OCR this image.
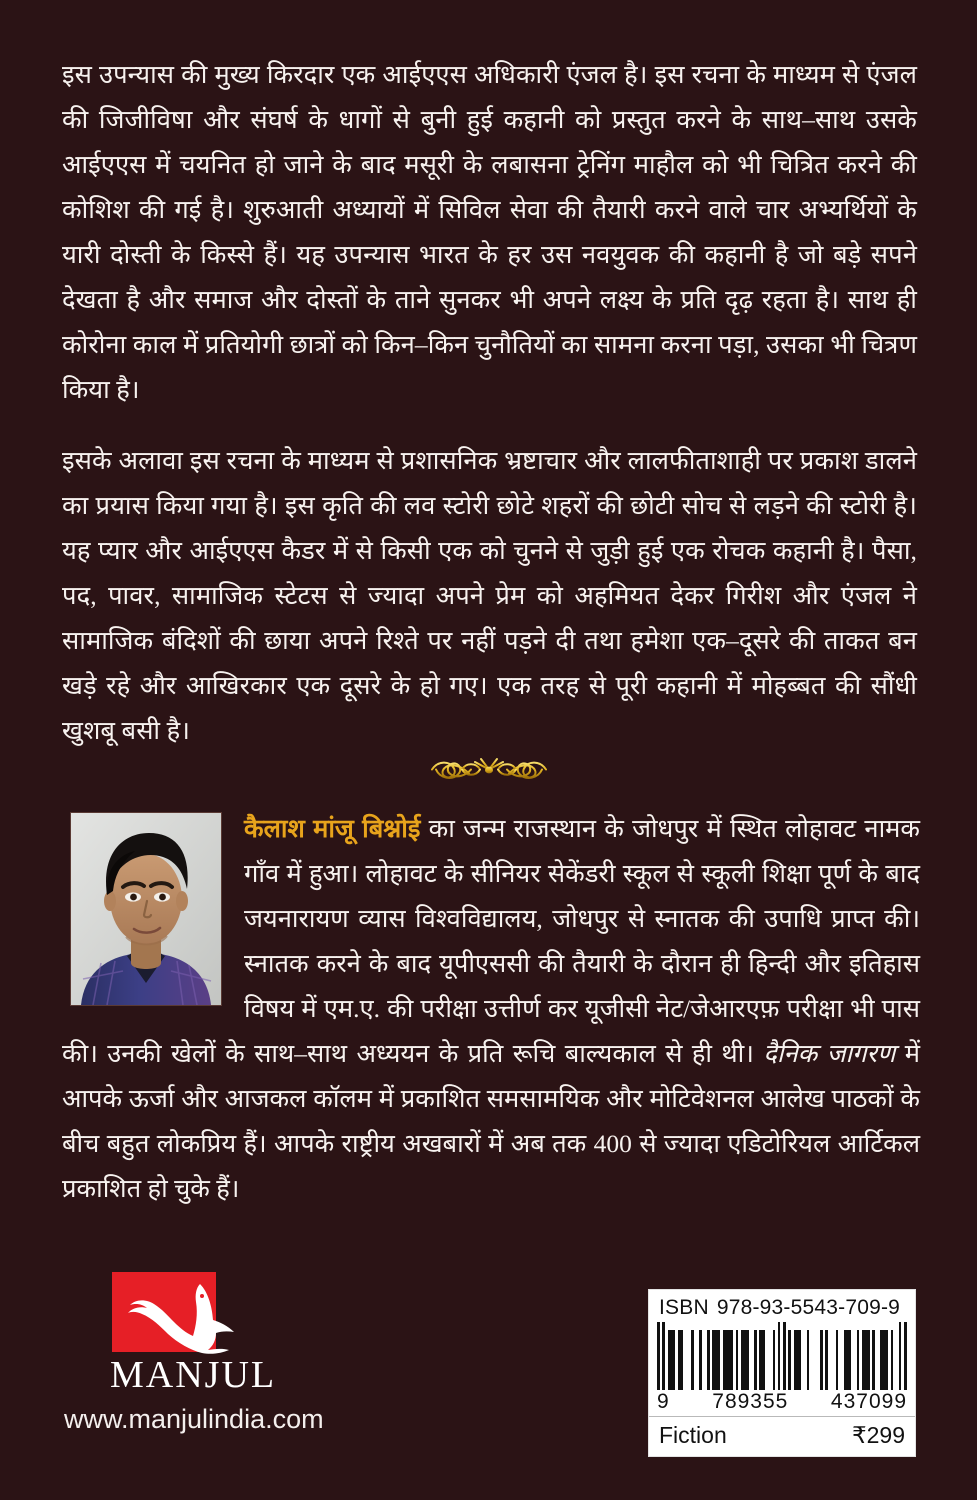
इस उपन्यास की मुख्य किरदार एक आईएएस अधिकारी एंजल है। इस रचना के माध्यम से एंजल की जिजीविषा और संघर्ष के धागों से बुनी हुई कहानी को प्रस्तुत करने के साथ–साथ उसके आईएएस में चयनित हो जाने के बाद मसूरी के लबासना ट्रेनिंग माहौल को भी चित्रित करने की कोशिश की गई है। शुरुआती अध्यायों में सिविल सेवा की तैयारी करने वाले चार अभ्यर्थियों के यारी दोस्ती के किस्से हैं। यह उपन्यास भारत के हर उस नवयुवक की कहानी है जो बड़े सपने देखता है और समाज और दोस्तों के ताने सुनकर भी अपने लक्ष्य के प्रति दृढ़ रहता है। साथ ही कोरोना काल में प्रतियोगी छात्रों को किन–किन चुनौतियों का सामना करना पड़ा, उसका भी चित्रण किया है।

इसके अलावा इस रचना के माध्यम से प्रशासनिक भ्रष्टाचार और लालफीताशाही पर प्रकाश डालने का प्रयास किया गया है। इस कृति की लव स्टोरी छोटे शहरों की छोटी सोच से लड़ने की स्टोरी है। यह प्यार और आईएएस कैडर में से किसी एक को चुनने से जुड़ी हुई एक रोचक कहानी है। पैसा, पद, पावर, सामाजिक स्टेटस से ज्यादा अपने प्रेम को अहमियत देकर गिरीश और एंजल ने सामाजिक बंदिशों की छाया अपने रिश्ते पर नहीं पड़ने दी तथा हमेशा एक–दूसरे की ताकत बन खड़े रहे और आखिरकार एक दूसरे के हो गए। एक तरह से पूरी कहानी में मोहब्बत की सौंधी खुशबू बसी है।

कैलाश मांजू बिश्नोई का जन्म राजस्थान के जोधपुर में स्थित लोहावट नामक गाँव में हुआ। लोहावट के सीनियर सेकेंडरी स्कूल से स्कूली शिक्षा पूर्ण के बाद जयनारायण व्यास विश्वविद्यालय, जोधपुर से स्नातक की उपाधि प्राप्त की। स्नातक करने के बाद यूपीएससी की तैयारी के दौरान ही हिन्दी और इतिहास विषय में एम.ए. की परीक्षा उत्तीर्ण कर यूजीसी नेट/जेआरएफ़ परीक्षा भी पास की। उनकी खेलों के साथ–साथ अध्ययन के प्रति रूचि बाल्यकाल से ही थी। दैनिक जागरण में आपके ऊर्जा और आजकल कॉलम में प्रकाशित समसामयिक और मोटिवेशनल आलेख पाठकों के बीच बहुत लोकप्रिय हैं। आपके राष्ट्रीय अखबारों में अब तक 400 से ज्यादा एडिटोरियल आर्टिकल प्रकाशित हो चुके हैं।

MANJUL
www.manjulindia.com
ISBN 978-93-5543-709-9
9 789355 437099
Fiction	₹299
